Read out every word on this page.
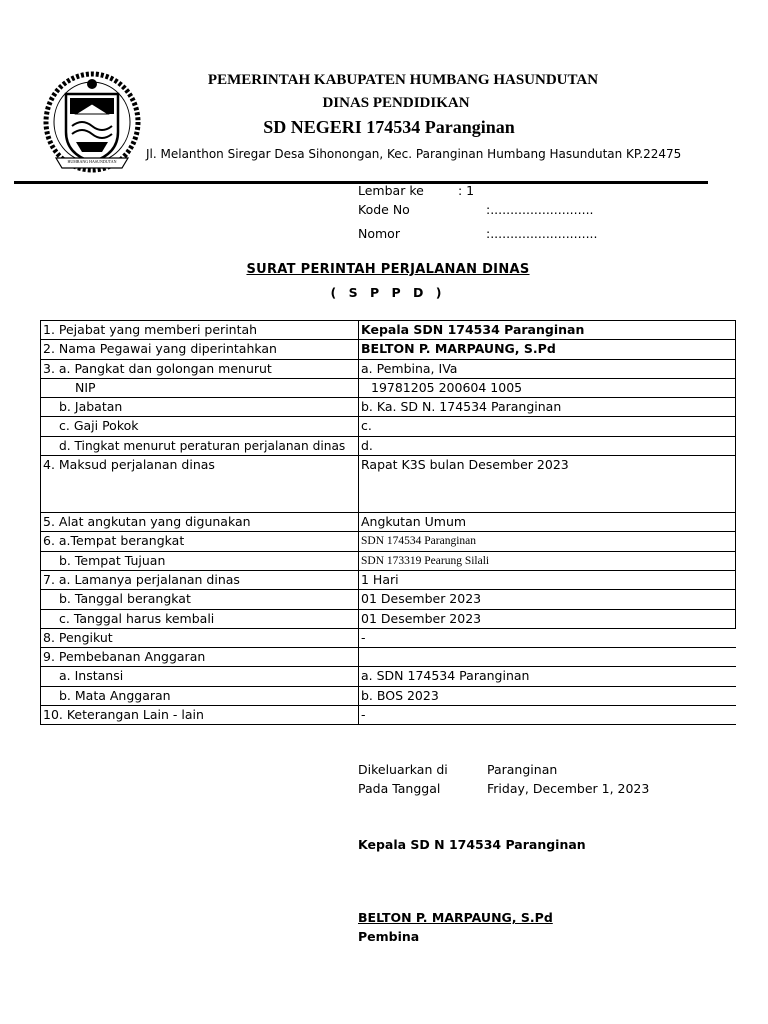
HUMBANG HASUNDUTAN
PEMERINTAH KABUPATEN HUMBANG HASUNDUTAN
DINAS PENDIDIKAN
SD NEGERI 174534 Paranginan
Jl. Melanthon Siregar Desa Sihonongan, Kec. Paranginan Humbang Hasundutan KP.22475
Lembar ke	: 1
Kode No	:..........................
Nomor	:...........................
SURAT PERINTAH PERJALANAN DINAS
( S P P D )
1. Pejabat yang memberi perintah	Kepala SDN 174534 Paranginan
2. Nama Pegawai yang diperintahkan	BELTON P. MARPAUNG, S.Pd
3. a. Pangkat dan golongan menurut	a. Pembina, IVa
NIP	19781205 200604 1005
b. Jabatan	b. Ka. SD N. 174534 Paranginan
c. Gaji Pokok	c.
d. Tingkat menurut peraturan perjalanan dinas	d.
4. Maksud perjalanan dinas	Rapat K3S bulan Desember 2023
5. Alat angkutan yang digunakan	Angkutan Umum
6. a.Tempat berangkat	SDN 174534 Paranginan
b. Tempat Tujuan	SDN 173319 Pearung Silali
7. a. Lamanya perjalanan dinas	1 Hari
b. Tanggal berangkat	01 Desember 2023
c. Tanggal harus kembali	01 Desember 2023
8. Pengikut	-
9. Pembebanan Anggaran	
a. Instansi	a. SDN 174534 Paranginan
b. Mata Anggaran	b. BOS 2023
10. Keterangan Lain - lain	-
Dikeluarkan di	Paranginan
Pada Tanggal	Friday, December 1, 2023
Kepala SD N 174534 Paranginan
BELTON P. MARPAUNG, S.Pd
Pembina
